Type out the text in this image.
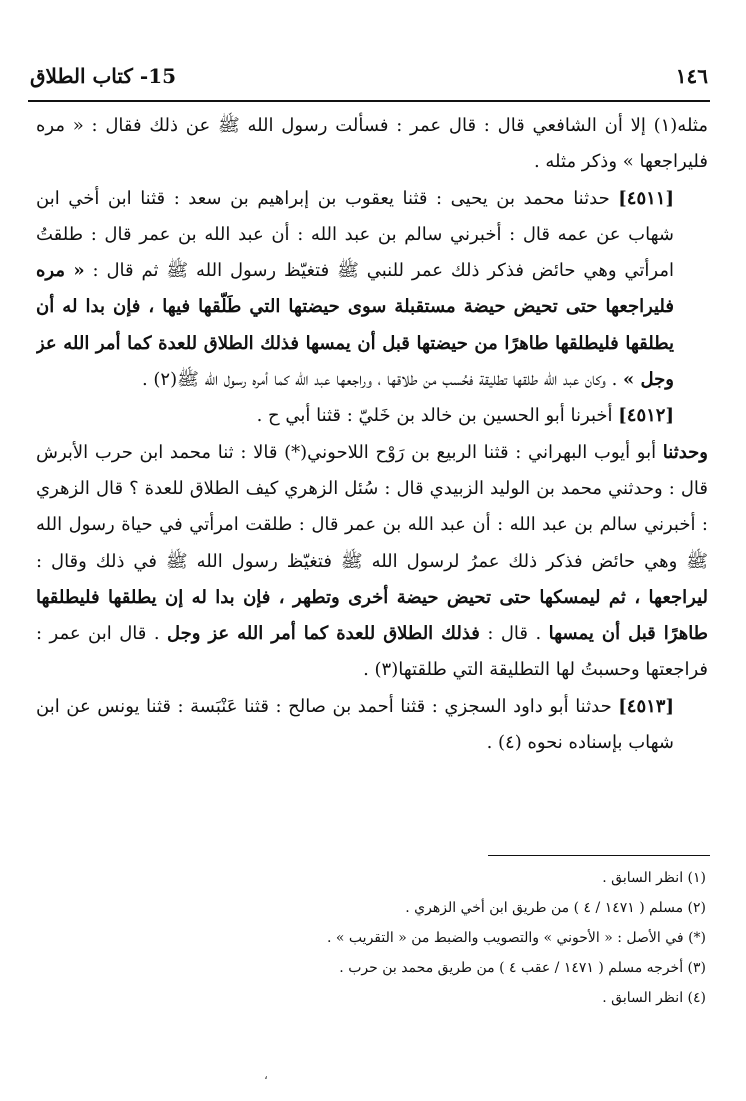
١٤٦
15- كتاب الطلاق

مثله(١) إلا أن الشافعي قال : قال عمر : فسألت رسول الله ﷺ عن ذلك فقال : « مره فليراجعها » وذكر مثله .

[٤٥١١] حدثنا محمد بن يحيى : قثنا يعقوب بن إبراهيم بن سعد : قثنا ابن أخي ابن شهاب عن عمه قال : أخبرني سالم بن عبد الله : أن عبد الله بن عمر قال : طلقتُ امرأتي وهي حائض فذكر ذلك عمر للنبي ﷺ فتغيّظ رسول الله ﷺ ثم قال : « مره فليراجعها حتى تحيض حيضة مستقبلة سوى حيضتها التي طَلّقها فيها ، فإن بدا له أن يطلقها فليطلقها طاهرًا من حيضتها قبل أن يمسها فذلك الطلاق للعدة كما أمر الله عز وجل » . وكان عبد الله طلقها تطليقة فحُسب من طلاقها ، وراجعها عبد الله كما أمره رسول الله ﷺ(٢) .

[٤٥١٢] أخبرنا أبو الحسين بن خالد بن خَليّ : قثنا أبي ح .

وحدثنا أبو أيوب البهراني : قثنا الربيع بن رَوْح اللاحوني(*) قالا : ثنا محمد ابن حرب الأبرش قال : وحدثني محمد بن الوليد الزبيدي قال : سُئل الزهري كيف الطلاق للعدة ؟ قال الزهري : أخبرني سالم بن عبد الله : أن عبد الله بن عمر قال : طلقت امرأتي في حياة رسول الله ﷺ وهي حائض فذكر ذلك عمرُ لرسول الله ﷺ فتغيّظ رسول الله ﷺ في ذلك وقال : ليراجعها ، ثم ليمسكها حتى تحيض حيضة أخرى وتطهر ، فإن بدا له إن يطلقها فليطلقها طاهرًا قبل أن يمسها . قال : فذلك الطلاق للعدة كما أمر الله عز وجل . قال ابن عمر : فراجعتها وحسبتُ لها التطليقة التي طلقتها(٣) .

[٤٥١٣] حدثنا أبو داود السجزي : قثنا أحمد بن صالح : قثنا عَنْبَسة : قثنا يونس عن ابن شهاب بإسناده نحوه (٤) .

(١) انظر السابق .
(٢) مسلم ( ١٤٧١ / ٤ ) من طريق ابن أخي الزهري .
(*) في الأصل : « الأحوني » والتصويب والضبط من « التقريب » .
(٣) أخرجه مسلم ( ١٤٧١ / عقب ٤ ) من طريق محمد بن حرب .
(٤) انظر السابق .
،
